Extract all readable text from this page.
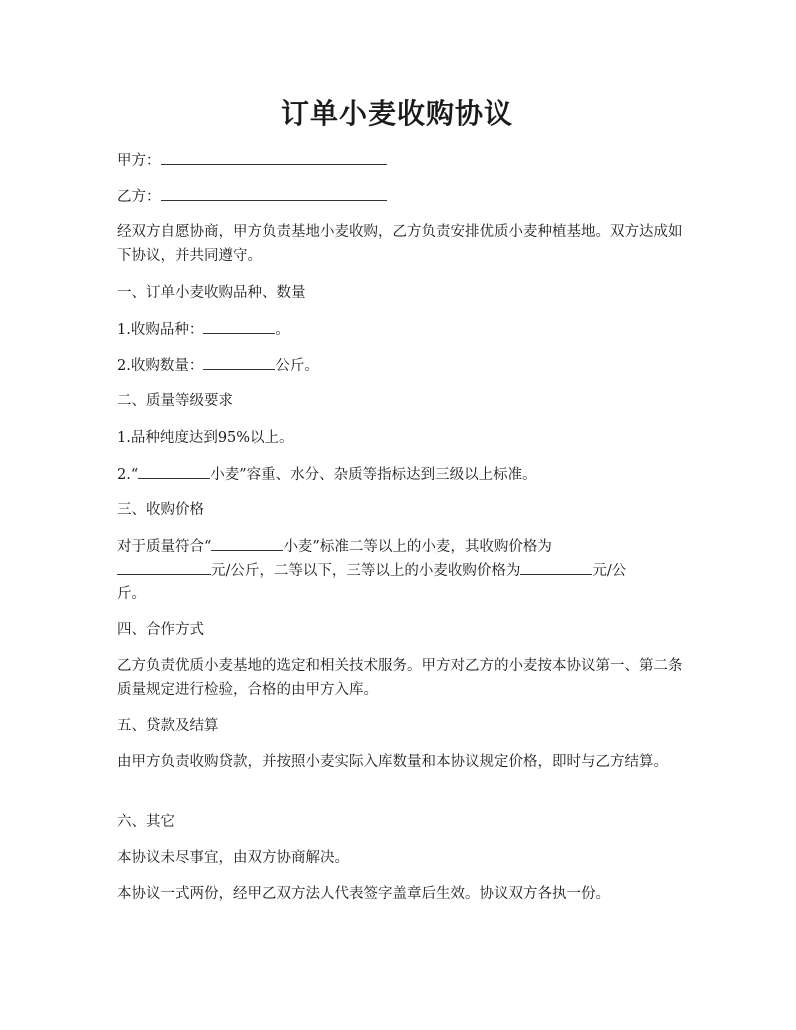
订单小麦收购协议

甲方：

乙方：

经双方自愿协商，甲方负责基地小麦收购，乙方负责安排优质小麦种植基地。双方达成如下协议，并共同遵守。

一、订单小麦收购品种、数量

1.收购品种：	。

2.收购数量：	公斤。

二、质量等级要求

1.品种纯度达到95%以上。

2.“	小麦”容重、水分、杂质等指标达到三级以上标准。

三、收购价格

对于质量符合“	小麦”标准二等以上的小麦，其收购价格为

元/公斤，二等以下，三等以上的小麦收购价格为	元/公

斤。

四、合作方式

乙方负责优质小麦基地的选定和相关技术服务。甲方对乙方的小麦按本协议第一、第二条质量规定进行检验，合格的由甲方入库。

五、贷款及结算

由甲方负责收购贷款，并按照小麦实际入库数量和本协议规定价格，即时与乙方结算。

六、其它

本协议未尽事宜，由双方协商解决。

本协议一式两份，经甲乙双方法人代表签字盖章后生效。协议双方各执一份。
